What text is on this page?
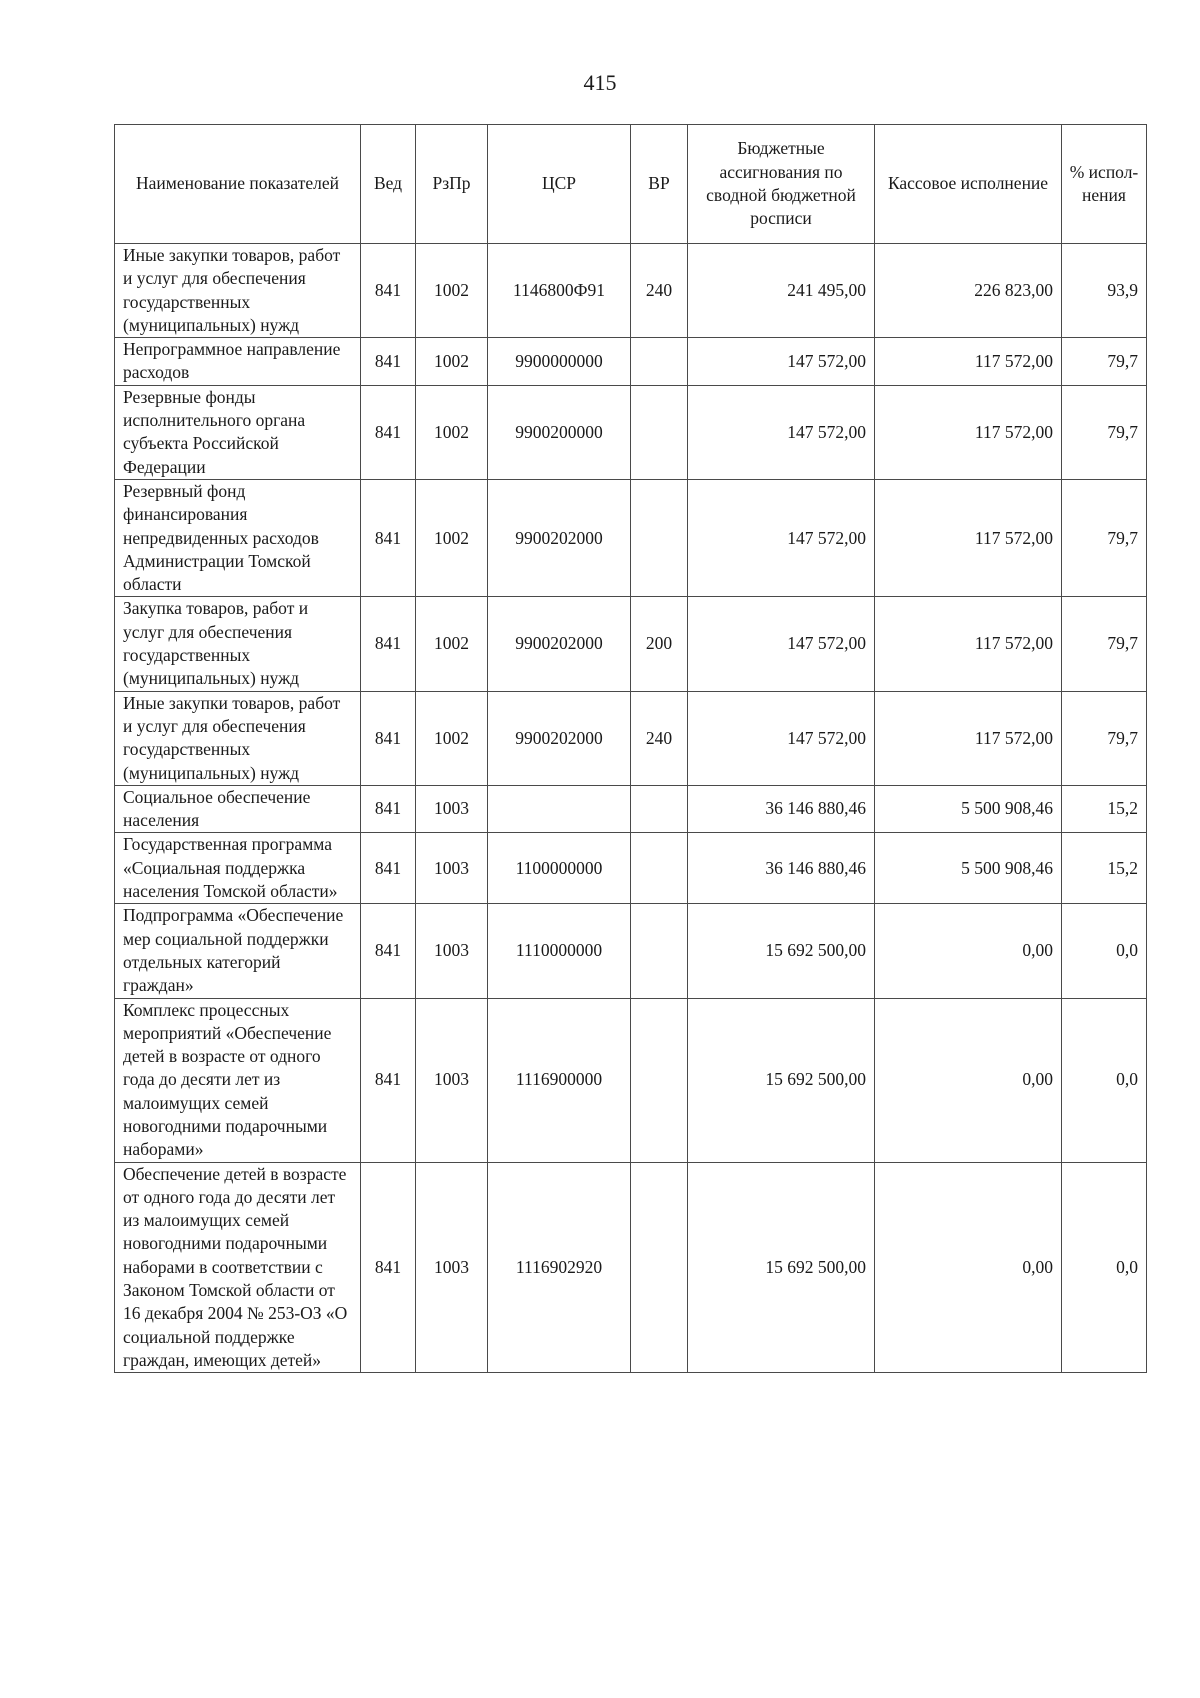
415
Наименование показателей	Вед	РзПр	ЦСР	ВР	Бюджетные ассигнования по сводной бюджетной росписи	Кассовое исполнение	% испол-нения
Иные закупки товаров, работ и услуг для обеспечения государственных (муниципальных) нужд	841	1002	1146800Ф91	240	241 495,00	226 823,00	93,9
Непрограммное направление расходов	841	1002	9900000000		147 572,00	117 572,00	79,7
Резервные фонды исполнительного органа субъекта Российской Федерации	841	1002	9900200000		147 572,00	117 572,00	79,7
Резервный фонд финансирования непредвиденных расходов Администрации Томской области	841	1002	9900202000		147 572,00	117 572,00	79,7
Закупка товаров, работ и услуг для обеспечения государственных (муниципальных) нужд	841	1002	9900202000	200	147 572,00	117 572,00	79,7
Иные закупки товаров, работ и услуг для обеспечения государственных (муниципальных) нужд	841	1002	9900202000	240	147 572,00	117 572,00	79,7
Социальное обеспечение населения	841	1003			36 146 880,46	5 500 908,46	15,2
Государственная программа «Социальная поддержка населения Томской области»	841	1003	1100000000		36 146 880,46	5 500 908,46	15,2
Подпрограмма «Обеспечение мер социальной поддержки отдельных категорий граждан»	841	1003	1110000000		15 692 500,00	0,00	0,0
Комплекс процессных мероприятий «Обеспечение детей в возрасте от одного года до десяти лет из малоимущих семей новогодними подарочными наборами»	841	1003	1116900000		15 692 500,00	0,00	0,0
Обеспечение детей в возрасте от одного года до десяти лет из малоимущих семей новогодними подарочными наборами в соответствии с Законом Томской области от 16 декабря 2004 № 253-ОЗ «О социальной поддержке граждан, имеющих детей»	841	1003	1116902920		15 692 500,00	0,00	0,0
